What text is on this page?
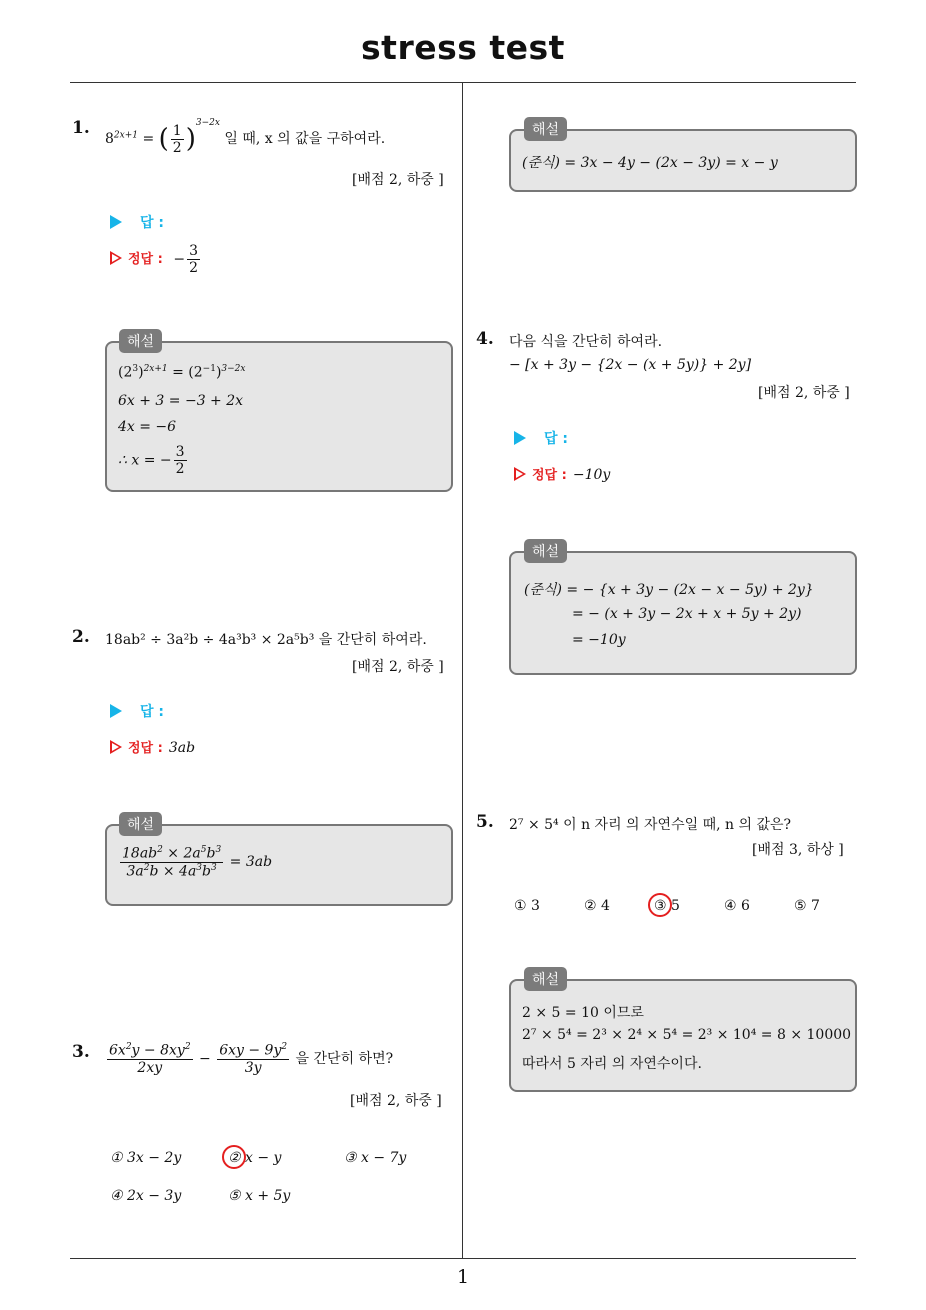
stress test
1
1.
$8^{2x+1}$ = ( $\frac{1}{2} )^{3-2x}$ 일 때, x 의 값을 구하여라.
[배점 2, 하중 ]
답 :
정답 : − $\frac{3}{2}$
해설
$(2^3)^{2x+1} = (2^{-1})^{3-2x}$
6x + 3 = −3 + 2x
4x = −6
∴ x = − $\frac{3}{2}$
2. 18ab² ÷ 3a²b ÷ 4a³b³ × 2a⁵b³ 을 간단히 하여라.
[배점 2, 하중 ]
답 :
정답 : 3ab
해설
$\frac{18ab^2 \times 2a^5b^3}{3a^2b \times 4a^3b^3} = 3ab$
3. $\frac{6x^2y - 8xy^2}{2xy} - \frac{6xy - 9y^2}{3y}$ 을 간단히 하면?
[배점 2, 하중 ]
① 3x − 2y	② x − y	③ x − 7y
④ 2x − 3y	⑤ x + 5y
해설
(준식) = 3x − 4y − (2x − 3y) = x − y
4. 다음 식을 간단히 하여라.
− [x + 3y − {2x − (x + 5y)} + 2y]
[배점 2, 하중 ]
답 :
정답 : −10y
해설
(준식) = − {x + 3y − (2x − x − 5y) + 2y}
= − (x + 3y − 2x + x + 5y + 2y)
= −10y
5. 2⁷ × 5⁴ 이 n 자리 의 자연수일 때, n 의 값은?
[배점 3, 하상 ]
① 3	② 4	③ 5	④ 6	⑤ 7
해설
2 × 5 = 10 이므로
2⁷ × 5⁴ = 2³ × 2⁴ × 5⁴ = 2³ × 10⁴ = 8 × 10000
따라서 5 자리 의 자연수이다.
